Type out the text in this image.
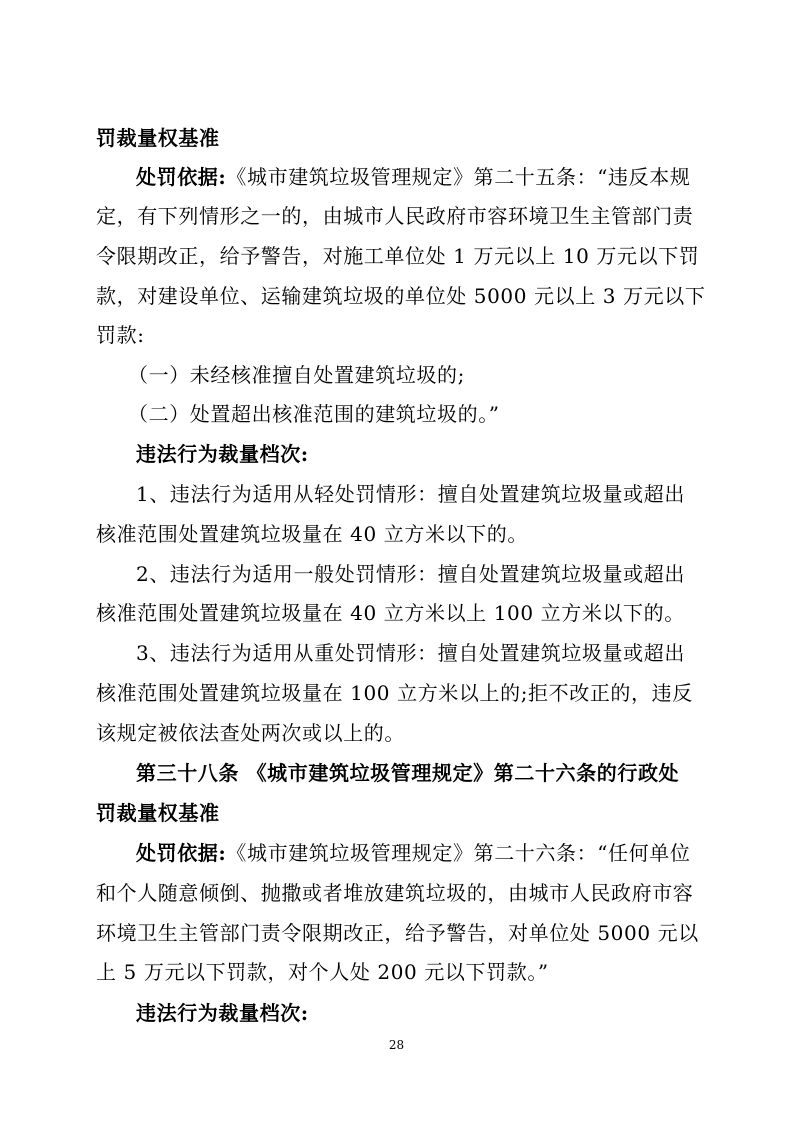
罚裁量权基准
处罚依据:《城市建筑垃圾管理规定》第二十五条：“违反本规
定，有下列情形之一的，由城市人民政府市容环境卫生主管部门责
令限期改正，给予警告，对施工单位处 1 万元以上 10 万元以下罚
款，对建设单位、运输建筑垃圾的单位处 5000 元以上 3 万元以下
罚款:
（一）未经核准擅自处置建筑垃圾的;
（二）处置超出核准范围的建筑垃圾的。”
违法行为裁量档次:
1、违法行为适用从轻处罚情形：擅自处置建筑垃圾量或超出
核准范围处置建筑垃圾量在 40 立方米以下的。
2、违法行为适用一般处罚情形：擅自处置建筑垃圾量或超出
核准范围处置建筑垃圾量在 40 立方米以上 100 立方米以下的。
3、违法行为适用从重处罚情形：擅自处置建筑垃圾量或超出
核准范围处置建筑垃圾量在 100 立方米以上的;拒不改正的，违反
该规定被依法查处两次或以上的。
第三十八条 《城市建筑垃圾管理规定》第二十六条的行政处
罚裁量权基准
处罚依据:《城市建筑垃圾管理规定》第二十六条：“任何单位
和个人随意倾倒、抛撒或者堆放建筑垃圾的，由城市人民政府市容
环境卫生主管部门责令限期改正，给予警告，对单位处 5000 元以
上 5 万元以下罚款，对个人处 200 元以下罚款。”
违法行为裁量档次:
28
